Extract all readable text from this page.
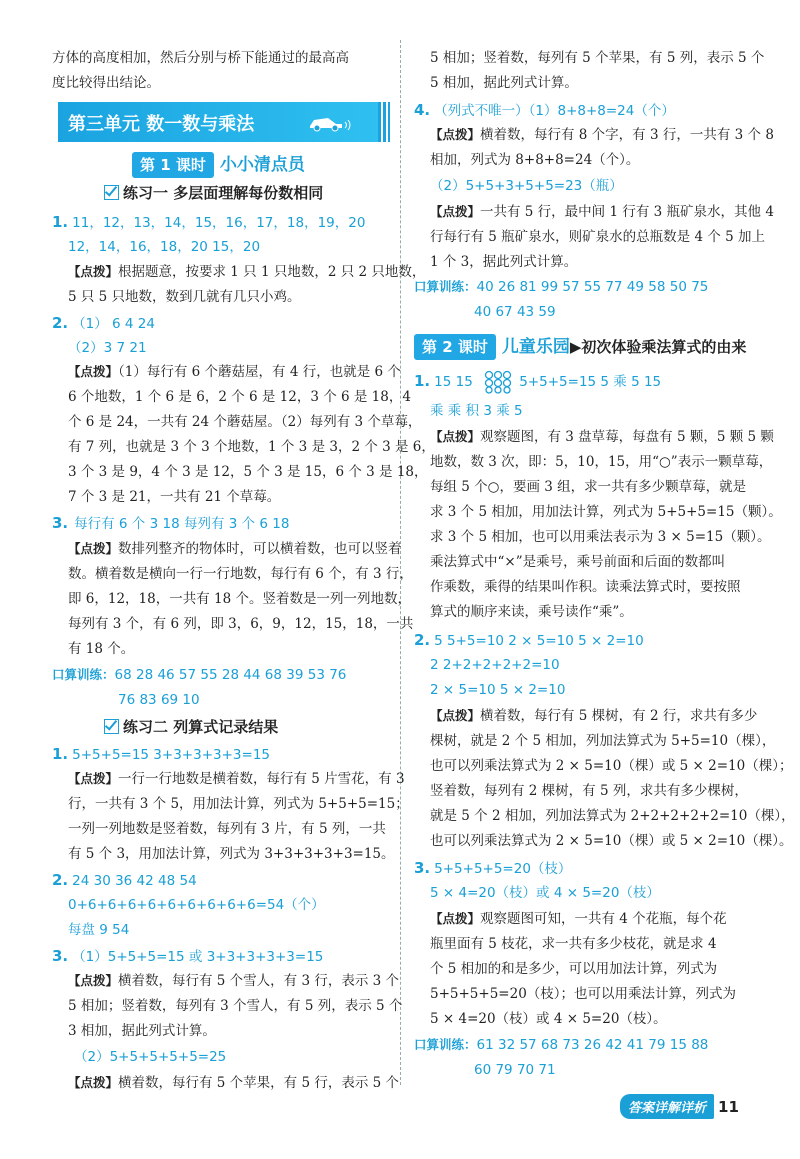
方体的高度相加，然后分别与桥下能通过的最高高
度比较得出结论。
第三单元 数一数与乘法
第 1 课时 小小清点员
练习一 多层面理解每份数相同
1. 11，12，13，14，15，16，17，18，19，20
12，14，16，18，20 15，20
【点拨】根据题意，按要求 1 只 1 只地数，2 只 2 只地数，
5 只 5 只地数，数到几就有几只小鸡。
2. （1） 6 4 24
（2）3 7 21
【点拨】（1）每行有 6 个蘑菇屋，有 4 行，也就是 6 个
6 个地数，1 个 6 是 6，2 个 6 是 12，3 个 6 是 18，4
个 6 是 24，一共有 24 个蘑菇屋。（2）每列有 3 个草莓，
有 7 列，也就是 3 个 3 个地数，1 个 3 是 3，2 个 3 是 6，
3 个 3 是 9，4 个 3 是 12，5 个 3 是 15，6 个 3 是 18，
7 个 3 是 21，一共有 21 个草莓。
3. 每行有 6 个 3 18 每列有 3 个 6 18
【点拨】数排列整齐的物体时，可以横着数，也可以竖着
数。横着数是横向一行一行地数，每行有 6 个，有 3 行，
即 6，12，18，一共有 18 个。竖着数是一列一列地数，
每列有 3 个，有 6 列，即 3，6，9，12，15，18，一共
有 18 个。
口算训练：68 28 46 57 55 28 44 68 39 53 76
76 83 69 10
练习二 列算式记录结果
1. 5+5+5=15 3+3+3+3+3=15
【点拨】一行一行地数是横着数，每行有 5 片雪花，有 3
行，一共有 3 个 5，用加法计算，列式为 5+5+5=15；
一列一列地数是竖着数，每列有 3 片，有 5 列，一共
有 5 个 3，用加法计算，列式为 3+3+3+3+3=15。
2. 24 30 36 42 48 54
0+6+6+6+6+6+6+6+6+6=54（个）
每盘 9 54
3. （1）5+5+5=15 或 3+3+3+3+3=15
【点拨】横着数，每行有 5 个雪人，有 3 行，表示 3 个
5 相加；竖着数，每列有 3 个雪人，有 5 列，表示 5 个
3 相加，据此列式计算。
（2）5+5+5+5+5=25
【点拨】横着数，每行有 5 个苹果，有 5 行，表示 5 个
5 相加；竖着数，每列有 5 个苹果，有 5 列，表示 5 个
5 相加，据此列式计算。
4. （列式不唯一）（1）8+8+8=24（个）
【点拨】横着数，每行有 8 个字，有 3 行，一共有 3 个 8
相加，列式为 8+8+8=24（个）。
（2）5+5+3+5+5=23（瓶）
【点拨】一共有 5 行，最中间 1 行有 3 瓶矿泉水，其他 4
行每行有 5 瓶矿泉水，则矿泉水的总瓶数是 4 个 5 加上
1 个 3，据此列式计算。
口算训练：40 26 81 99 57 55 77 49 58 50 75
40 67 43 59
第 2 课时 儿童乐园▶初次体验乘法算式的由来
1. 15 15	5+5+5=15 5 乘 5 15
乘 乘 积 3 乘 5
【点拨】观察题图，有 3 盘草莓，每盘有 5 颗，5 颗 5 颗
地数，数 3 次，即：5，10，15，用“○”表示一颗草莓，
每组 5 个○，要画 3 组，求一共有多少颗草莓，就是
求 3 个 5 相加，用加法计算，列式为 5+5+5=15（颗）。
求 3 个 5 相加，也可以用乘法表示为 3 × 5=15（颗）。
乘法算式中“×”是乘号，乘号前面和后面的数都叫
作乘数，乘得的结果叫作积。读乘法算式时，要按照
算式的顺序来读，乘号读作“乘”。
2. 5 5+5=10 2 × 5=10 5 × 2=10
2 2+2+2+2+2=10
2 × 5=10 5 × 2=10
【点拨】横着数，每行有 5 棵树，有 2 行，求共有多少
棵树，就是 2 个 5 相加，列加法算式为 5+5=10（棵），
也可以列乘法算式为 2 × 5=10（棵）或 5 × 2=10（棵）；
竖着数，每列有 2 棵树，有 5 列，求共有多少棵树，
就是 5 个 2 相加，列加法算式为 2+2+2+2+2=10（棵），
也可以列乘法算式为 2 × 5=10（棵）或 5 × 2=10（棵）。
3. 5+5+5+5=20（枝）
5 × 4=20（枝）或 4 × 5=20（枝）
【点拨】观察题图可知，一共有 4 个花瓶，每个花
瓶里面有 5 枝花，求一共有多少枝花，就是求 4
个 5 相加的和是多少，可以用加法计算，列式为
5+5+5+5=20（枝）；也可以用乘法计算，列式为
5 × 4=20（枝）或 4 × 5=20（枝）。
口算训练：61 32 57 68 73 26 42 41 79 15 88
60 79 70 71
答案详解详析 11
